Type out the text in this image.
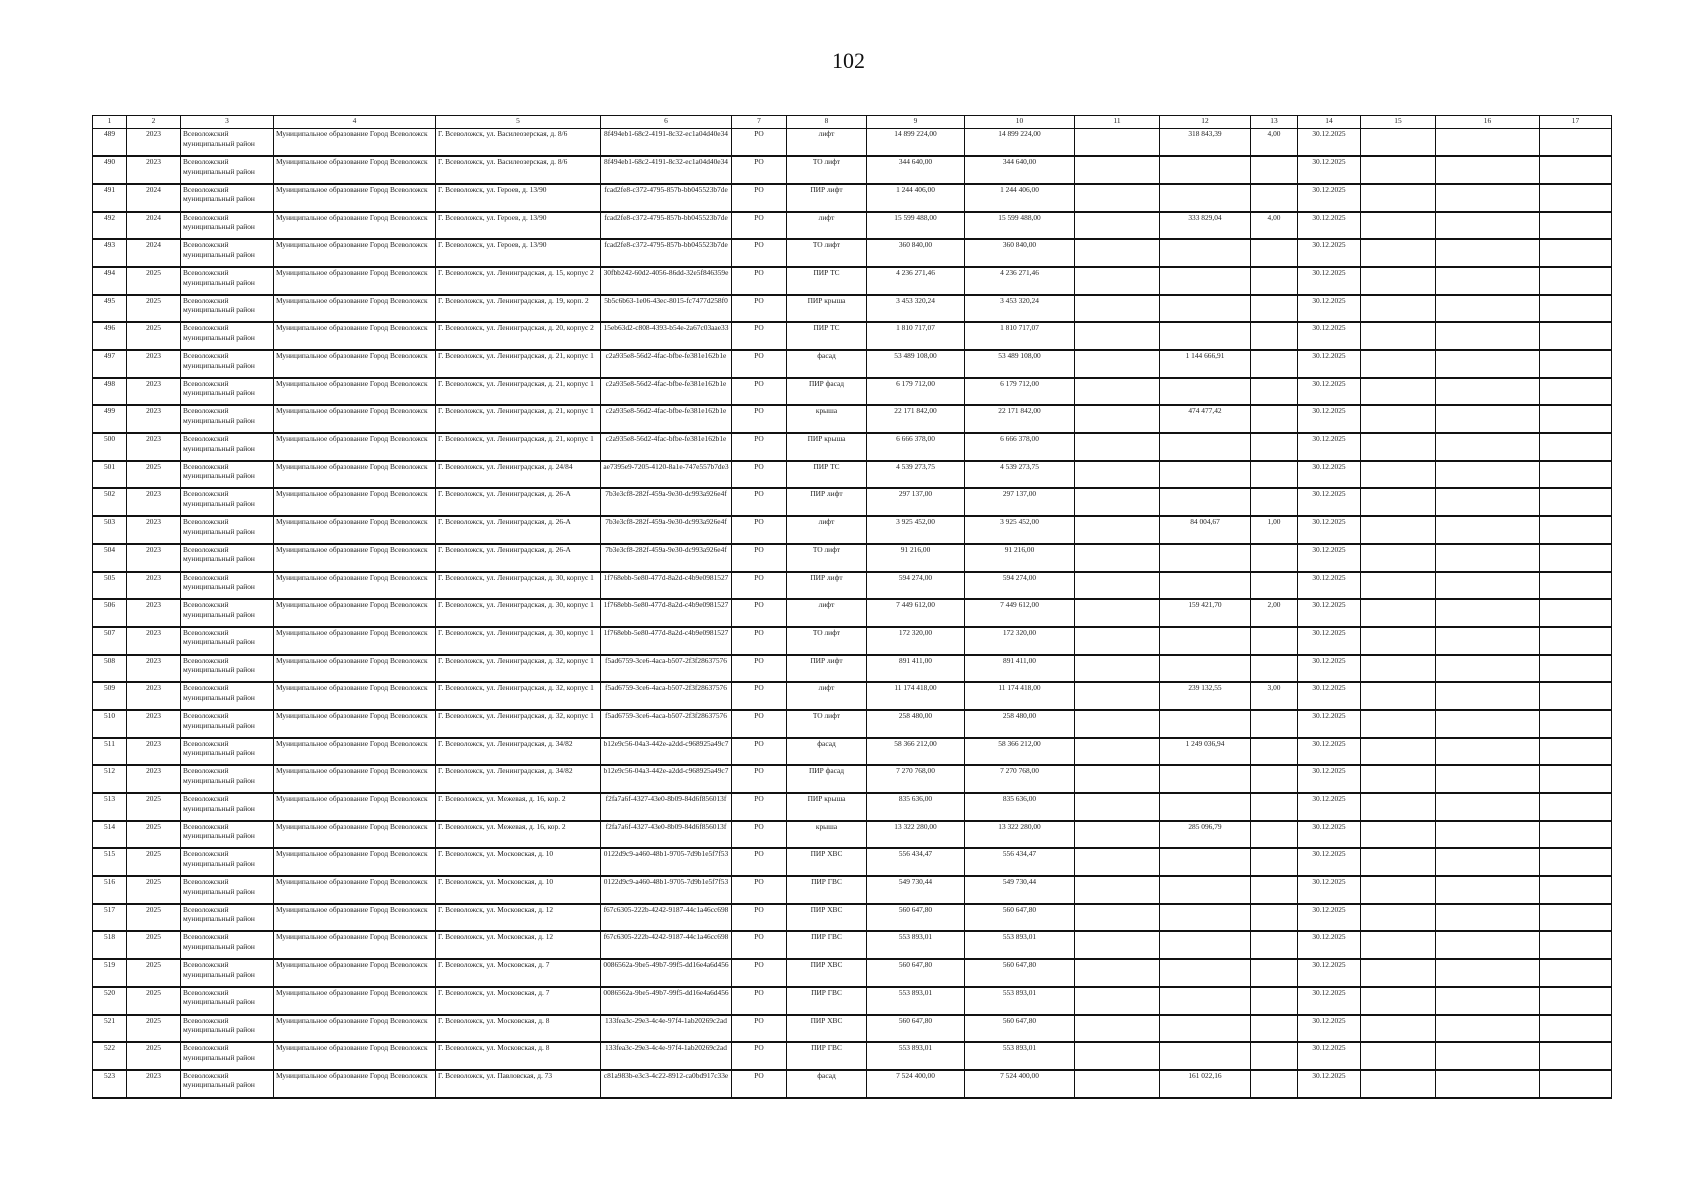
102
1	2	3	4	5	6	7	8	9	10	11	12	13	14	15	16	17
489	2023	Всеволожский муниципальный район	Муниципальное образование Город Всеволожск	Г. Всеволожск, ул. Василеозерская, д. 8/6	8f494eb1-68c2-4191-8c32-ec1a04d40e34	РО	лифт	14 899 224,00	14 899 224,00		318 843,39	4,00	30.12.2025			
490	2023	Всеволожский муниципальный район	Муниципальное образование Город Всеволожск	Г. Всеволожск, ул. Василеозерская, д. 8/6	8f494eb1-68c2-4191-8c32-ec1a04d40e34	РО	ТО лифт	344 640,00	344 640,00				30.12.2025			
491	2024	Всеволожский муниципальный район	Муниципальное образование Город Всеволожск	Г. Всеволожск, ул. Героев, д. 13/90	fcad2fe8-c372-4795-857b-bb045523b7de	РО	ПИР лифт	1 244 406,00	1 244 406,00				30.12.2025			
492	2024	Всеволожский муниципальный район	Муниципальное образование Город Всеволожск	Г. Всеволожск, ул. Героев, д. 13/90	fcad2fe8-c372-4795-857b-bb045523b7de	РО	лифт	15 599 488,00	15 599 488,00		333 829,04	4,00	30.12.2025			
493	2024	Всеволожский муниципальный район	Муниципальное образование Город Всеволожск	Г. Всеволожск, ул. Героев, д. 13/90	fcad2fe8-c372-4795-857b-bb045523b7de	РО	ТО лифт	360 840,00	360 840,00				30.12.2025			
494	2025	Всеволожский муниципальный район	Муниципальное образование Город Всеволожск	Г. Всеволожск, ул. Ленинградская, д. 15, корпус 2	30fbb242-60d2-4056-86dd-32e5f846359e	РО	ПИР ТС	4 236 271,46	4 236 271,46				30.12.2025			
495	2025	Всеволожский муниципальный район	Муниципальное образование Город Всеволожск	Г. Всеволожск, ул. Ленинградская, д. 19, корп. 2	5b5c6b63-1e06-43ec-8015-fc7477d258f0	РО	ПИР крыша	3 453 320,24	3 453 320,24				30.12.2025			
496	2025	Всеволожский муниципальный район	Муниципальное образование Город Всеволожск	Г. Всеволожск, ул. Ленинградская, д. 20, корпус 2	15eb63d2-c808-4393-b54e-2a67c03aae33	РО	ПИР ТС	1 810 717,07	1 810 717,07				30.12.2025			
497	2023	Всеволожский муниципальный район	Муниципальное образование Город Всеволожск	Г. Всеволожск, ул. Ленинградская, д. 21, корпус 1	c2a935e8-56d2-4fac-bfbe-fe381e162b1e	РО	фасад	53 489 108,00	53 489 108,00		1 144 666,91		30.12.2025			
498	2023	Всеволожский муниципальный район	Муниципальное образование Город Всеволожск	Г. Всеволожск, ул. Ленинградская, д. 21, корпус 1	c2a935e8-56d2-4fac-bfbe-fe381e162b1e	РО	ПИР фасад	6 179 712,00	6 179 712,00				30.12.2025			
499	2023	Всеволожский муниципальный район	Муниципальное образование Город Всеволожск	Г. Всеволожск, ул. Ленинградская, д. 21, корпус 1	c2a935e8-56d2-4fac-bfbe-fe381e162b1e	РО	крыша	22 171 842,00	22 171 842,00		474 477,42		30.12.2025			
500	2023	Всеволожский муниципальный район	Муниципальное образование Город Всеволожск	Г. Всеволожск, ул. Ленинградская, д. 21, корпус 1	c2a935e8-56d2-4fac-bfbe-fe381e162b1e	РО	ПИР крыша	6 666 378,00	6 666 378,00				30.12.2025			
501	2025	Всеволожский муниципальный район	Муниципальное образование Город Всеволожск	Г. Всеволожск, ул. Ленинградская, д. 24/84	ae7395e9-7205-4120-8a1e-747e557b7de3	РО	ПИР ТС	4 539 273,75	4 539 273,75				30.12.2025			
502	2023	Всеволожский муниципальный район	Муниципальное образование Город Всеволожск	Г. Всеволожск, ул. Ленинградская, д. 26-А	7b3e3cf8-282f-459a-9e30-dc993a926e4f	РО	ПИР лифт	297 137,00	297 137,00				30.12.2025			
503	2023	Всеволожский муниципальный район	Муниципальное образование Город Всеволожск	Г. Всеволожск, ул. Ленинградская, д. 26-А	7b3e3cf8-282f-459a-9e30-dc993a926e4f	РО	лифт	3 925 452,00	3 925 452,00		84 004,67	1,00	30.12.2025			
504	2023	Всеволожский муниципальный район	Муниципальное образование Город Всеволожск	Г. Всеволожск, ул. Ленинградская, д. 26-А	7b3e3cf8-282f-459a-9e30-dc993a926e4f	РО	ТО лифт	91 216,00	91 216,00				30.12.2025			
505	2023	Всеволожский муниципальный район	Муниципальное образование Город Всеволожск	Г. Всеволожск, ул. Ленинградская, д. 30, корпус 1	1f768ebb-5e80-477d-8a2d-c4b9e0981527	РО	ПИР лифт	594 274,00	594 274,00				30.12.2025			
506	2023	Всеволожский муниципальный район	Муниципальное образование Город Всеволожск	Г. Всеволожск, ул. Ленинградская, д. 30, корпус 1	1f768ebb-5e80-477d-8a2d-c4b9e0981527	РО	лифт	7 449 612,00	7 449 612,00		159 421,70	2,00	30.12.2025			
507	2023	Всеволожский муниципальный район	Муниципальное образование Город Всеволожск	Г. Всеволожск, ул. Ленинградская, д. 30, корпус 1	1f768ebb-5e80-477d-8a2d-c4b9e0981527	РО	ТО лифт	172 320,00	172 320,00				30.12.2025			
508	2023	Всеволожский муниципальный район	Муниципальное образование Город Всеволожск	Г. Всеволожск, ул. Ленинградская, д. 32, корпус 1	f5ad6759-3ce6-4aca-b507-2f3f28637576	РО	ПИР лифт	891 411,00	891 411,00				30.12.2025			
509	2023	Всеволожский муниципальный район	Муниципальное образование Город Всеволожск	Г. Всеволожск, ул. Ленинградская, д. 32, корпус 1	f5ad6759-3ce6-4aca-b507-2f3f28637576	РО	лифт	11 174 418,00	11 174 418,00		239 132,55	3,00	30.12.2025			
510	2023	Всеволожский муниципальный район	Муниципальное образование Город Всеволожск	Г. Всеволожск, ул. Ленинградская, д. 32, корпус 1	f5ad6759-3ce6-4aca-b507-2f3f28637576	РО	ТО лифт	258 480,00	258 480,00				30.12.2025			
511	2023	Всеволожский муниципальный район	Муниципальное образование Город Всеволожск	Г. Всеволожск, ул. Ленинградская, д. 34/82	b12e9c56-04a3-442e-a2dd-c968925a49c7	РО	фасад	58 366 212,00	58 366 212,00		1 249 036,94		30.12.2025			
512	2023	Всеволожский муниципальный район	Муниципальное образование Город Всеволожск	Г. Всеволожск, ул. Ленинградская, д. 34/82	b12e9c56-04a3-442e-a2dd-c968925a49c7	РО	ПИР фасад	7 270 768,00	7 270 768,00				30.12.2025			
513	2025	Всеволожский муниципальный район	Муниципальное образование Город Всеволожск	Г. Всеволожск, ул. Межевая, д. 16, кор. 2	f2fa7a6f-4327-43e0-8b09-84d6f856013f	РО	ПИР крыша	835 636,00	835 636,00				30.12.2025			
514	2025	Всеволожский муниципальный район	Муниципальное образование Город Всеволожск	Г. Всеволожск, ул. Межевая, д. 16, кор. 2	f2fa7a6f-4327-43e0-8b09-84d6f856013f	РО	крыша	13 322 280,00	13 322 280,00		285 096,79		30.12.2025			
515	2025	Всеволожский муниципальный район	Муниципальное образование Город Всеволожск	Г. Всеволожск, ул. Московская, д. 10	0122d9c9-a460-48b1-9705-7d9b1e5f7f53	РО	ПИР ХВС	556 434,47	556 434,47				30.12.2025			
516	2025	Всеволожский муниципальный район	Муниципальное образование Город Всеволожск	Г. Всеволожск, ул. Московская, д. 10	0122d9c9-a460-48b1-9705-7d9b1e5f7f53	РО	ПИР ГВС	549 730,44	549 730,44				30.12.2025			
517	2025	Всеволожский муниципальный район	Муниципальное образование Город Всеволожск	Г. Всеволожск, ул. Московская, д. 12	f67c6305-222b-4242-9187-44c1a46cc698	РО	ПИР ХВС	560 647,80	560 647,80				30.12.2025			
518	2025	Всеволожский муниципальный район	Муниципальное образование Город Всеволожск	Г. Всеволожск, ул. Московская, д. 12	f67c6305-222b-4242-9187-44c1a46cc698	РО	ПИР ГВС	553 893,01	553 893,01				30.12.2025			
519	2025	Всеволожский муниципальный район	Муниципальное образование Город Всеволожск	Г. Всеволожск, ул. Московская, д. 7	0086562a-9be5-49b7-99f5-dd16e4a6d456	РО	ПИР ХВС	560 647,80	560 647,80				30.12.2025			
520	2025	Всеволожский муниципальный район	Муниципальное образование Город Всеволожск	Г. Всеволожск, ул. Московская, д. 7	0086562a-9be5-49b7-99f5-dd16e4a6d456	РО	ПИР ГВС	553 893,01	553 893,01				30.12.2025			
521	2025	Всеволожский муниципальный район	Муниципальное образование Город Всеволожск	Г. Всеволожск, ул. Московская, д. 8	133fea3c-29e3-4c4e-97f4-1ab20269c2ad	РО	ПИР ХВС	560 647,80	560 647,80				30.12.2025			
522	2025	Всеволожский муниципальный район	Муниципальное образование Город Всеволожск	Г. Всеволожск, ул. Московская, д. 8	133fea3c-29e3-4c4e-97f4-1ab20269c2ad	РО	ПИР ГВС	553 893,01	553 893,01				30.12.2025			
523	2023	Всеволожский муниципальный район	Муниципальное образование Город Всеволожск	Г. Всеволожск, ул. Павловская, д. 73	c81a983b-e3c3-4c22-8912-ca0bd917c33e	РО	фасад	7 524 400,00	7 524 400,00		161 022,16		30.12.2025			
